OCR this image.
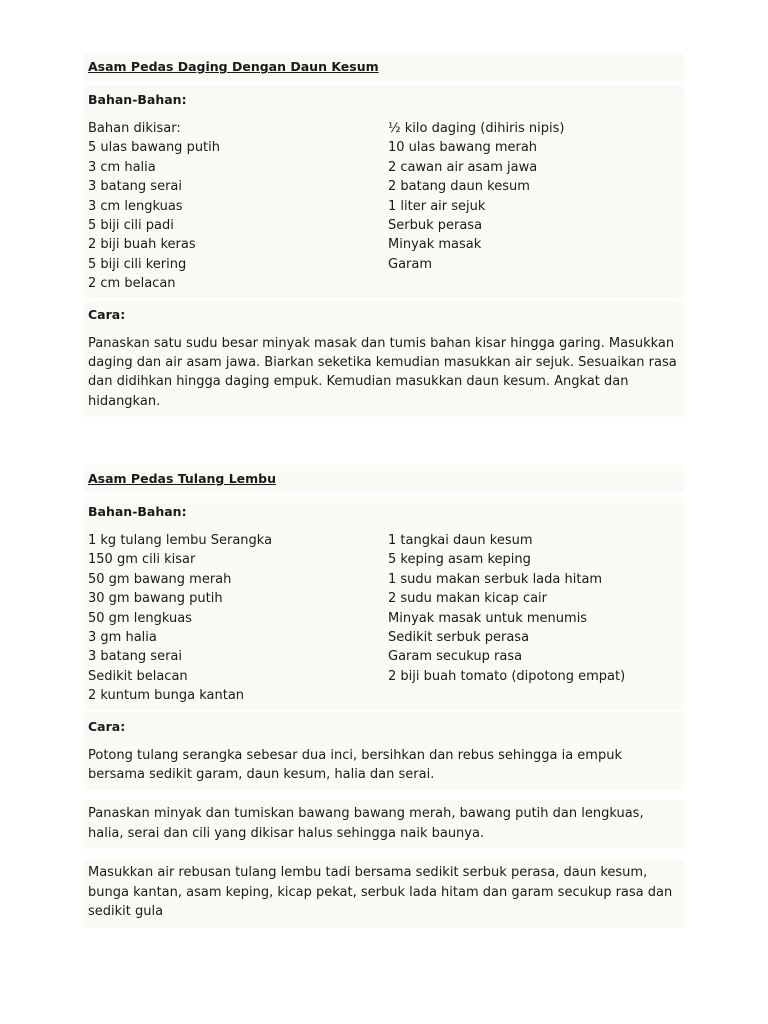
Asam Pedas Daging Dengan Daun Kesum
Bahan-Bahan:
Bahan dikisar:
5 ulas bawang putih
3 cm halia
3 batang serai
3 cm lengkuas
5 biji cili padi
2 biji buah keras
5 biji cili kering
2 cm belacan
½ kilo daging (dihiris nipis)
10 ulas bawang merah
2 cawan air asam jawa
2 batang daun kesum
1 liter air sejuk
Serbuk perasa
Minyak masak
Garam
Cara:

Panaskan satu sudu besar minyak masak dan tumis bahan kisar hingga garing. Masukkan daging dan air asam jawa. Biarkan seketika kemudian masukkan air sejuk. Sesuaikan rasa dan didihkan hingga daging empuk. Kemudian masukkan daun kesum. Angkat dan hidangkan.

Asam Pedas Tulang Lembu
Bahan-Bahan:
1 kg tulang lembu Serangka
150 gm cili kisar
50 gm bawang merah
30 gm bawang putih
50 gm lengkuas
3 gm halia
3 batang serai
Sedikit belacan
2 kuntum bunga kantan
1 tangkai daun kesum
5 keping asam keping
1 sudu makan serbuk lada hitam
2 sudu makan kicap cair
Minyak masak untuk menumis
Sedikit serbuk perasa
Garam secukup rasa
2 biji buah tomato (dipotong empat)
Cara:

Potong tulang serangka sebesar dua inci, bersihkan dan rebus sehingga ia empuk bersama sedikit garam, daun kesum, halia dan serai.

Panaskan minyak dan tumiskan bawang bawang merah, bawang putih dan lengkuas, halia, serai dan cili yang dikisar halus sehingga naik baunya.

Masukkan air rebusan tulang lembu tadi bersama sedikit serbuk perasa, daun kesum, bunga kantan, asam keping, kicap pekat, serbuk lada hitam dan garam secukup rasa dan sedikit gula
